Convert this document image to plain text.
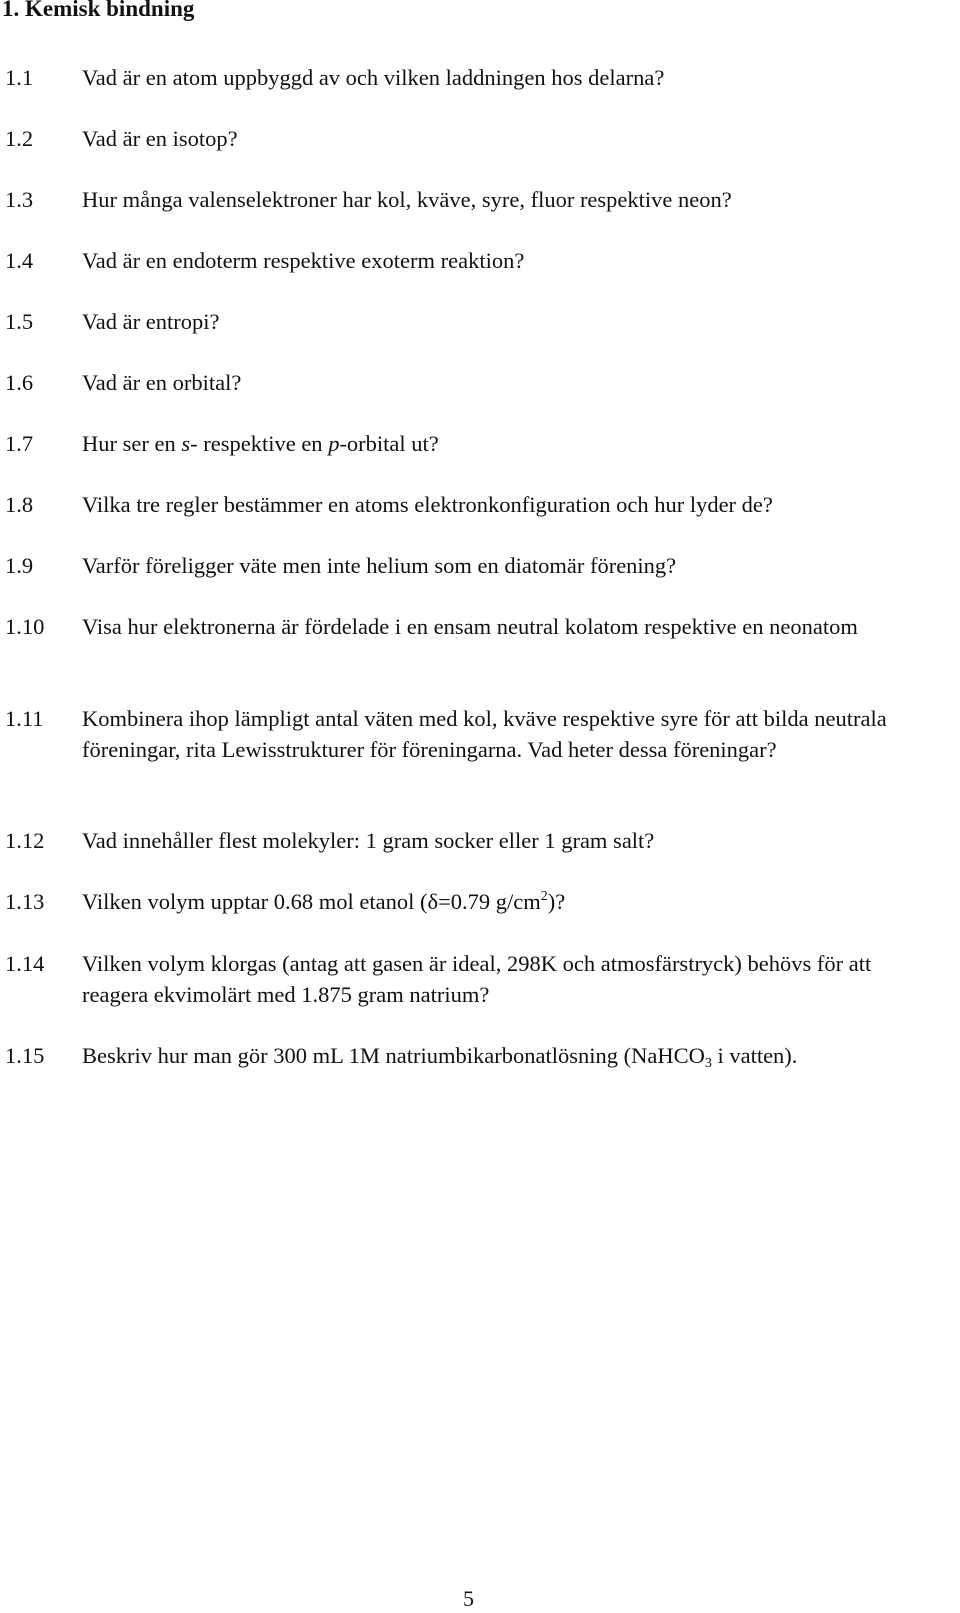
1. Kemisk bindning
1.1	Vad är en atom uppbyggd av och vilken laddningen hos delarna?
1.2	Vad är en isotop?
1.3	Hur många valenselektroner har kol, kväve, syre, fluor respektive neon?
1.4	Vad är en endoterm respektive exoterm reaktion?
1.5	Vad är entropi?
1.6	Vad är en orbital?
1.7	Hur ser en s- respektive en p-orbital ut?
1.8	Vilka tre regler bestämmer en atoms elektronkonfiguration och hur lyder de?
1.9	Varför föreligger väte men inte helium som en diatomär förening?
1.10	Visa hur elektronerna är fördelade i en ensam neutral kolatom respektive en neonatom
1.11	Kombinera ihop lämpligt antal väten med kol, kväve respektive syre för att bilda neutrala föreningar, rita Lewisstrukturer för föreningarna. Vad heter dessa föreningar?
1.12	Vad innehåller flest molekyler: 1 gram socker eller 1 gram salt?
1.13	Vilken volym upptar 0.68 mol etanol (δ=0.79 $g/cm^2$)?
1.14	Vilken volym klorgas (antag att gasen är ideal, 298K och atmosfärstryck) behövs för att reagera ekvimolärt med 1.875 gram natrium?
1.15	Beskriv hur man gör 300 mL 1M natriumbikarbonatlösning (NaHCO$_3$ i vatten).
5
